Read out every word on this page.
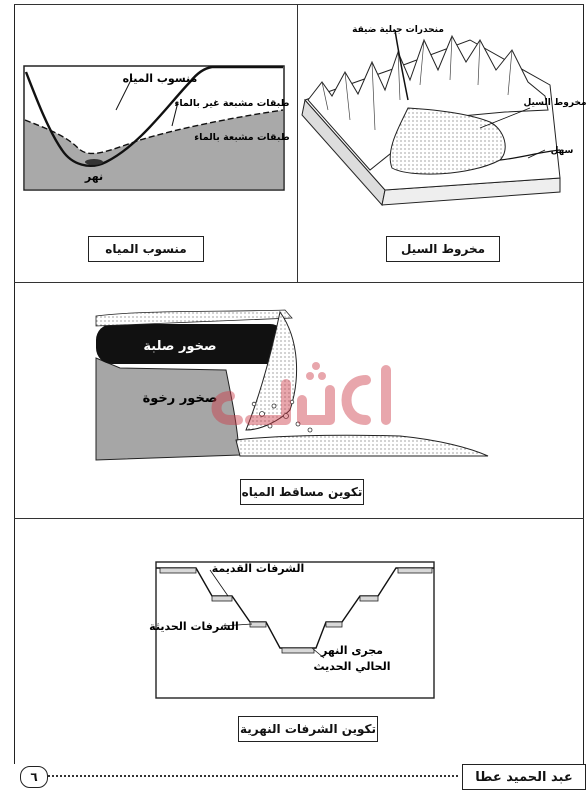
منسوب المياه
طبقات مشبعة غير بالماء
طبقات مشبعة بالماء
نهر
منسوب المياه
منحدرات جبلية ضيقة
مخروط السيل
سهل
مخروط السيل
صخور صلبة
صخور رخوة
تكوين مساقط المياه
الشرفات القديمة
الشرفات الحديثة
مجرى النهر
الحالي الحديث
تكوين الشرفات النهرية
٦	عبد الحميد عطا
